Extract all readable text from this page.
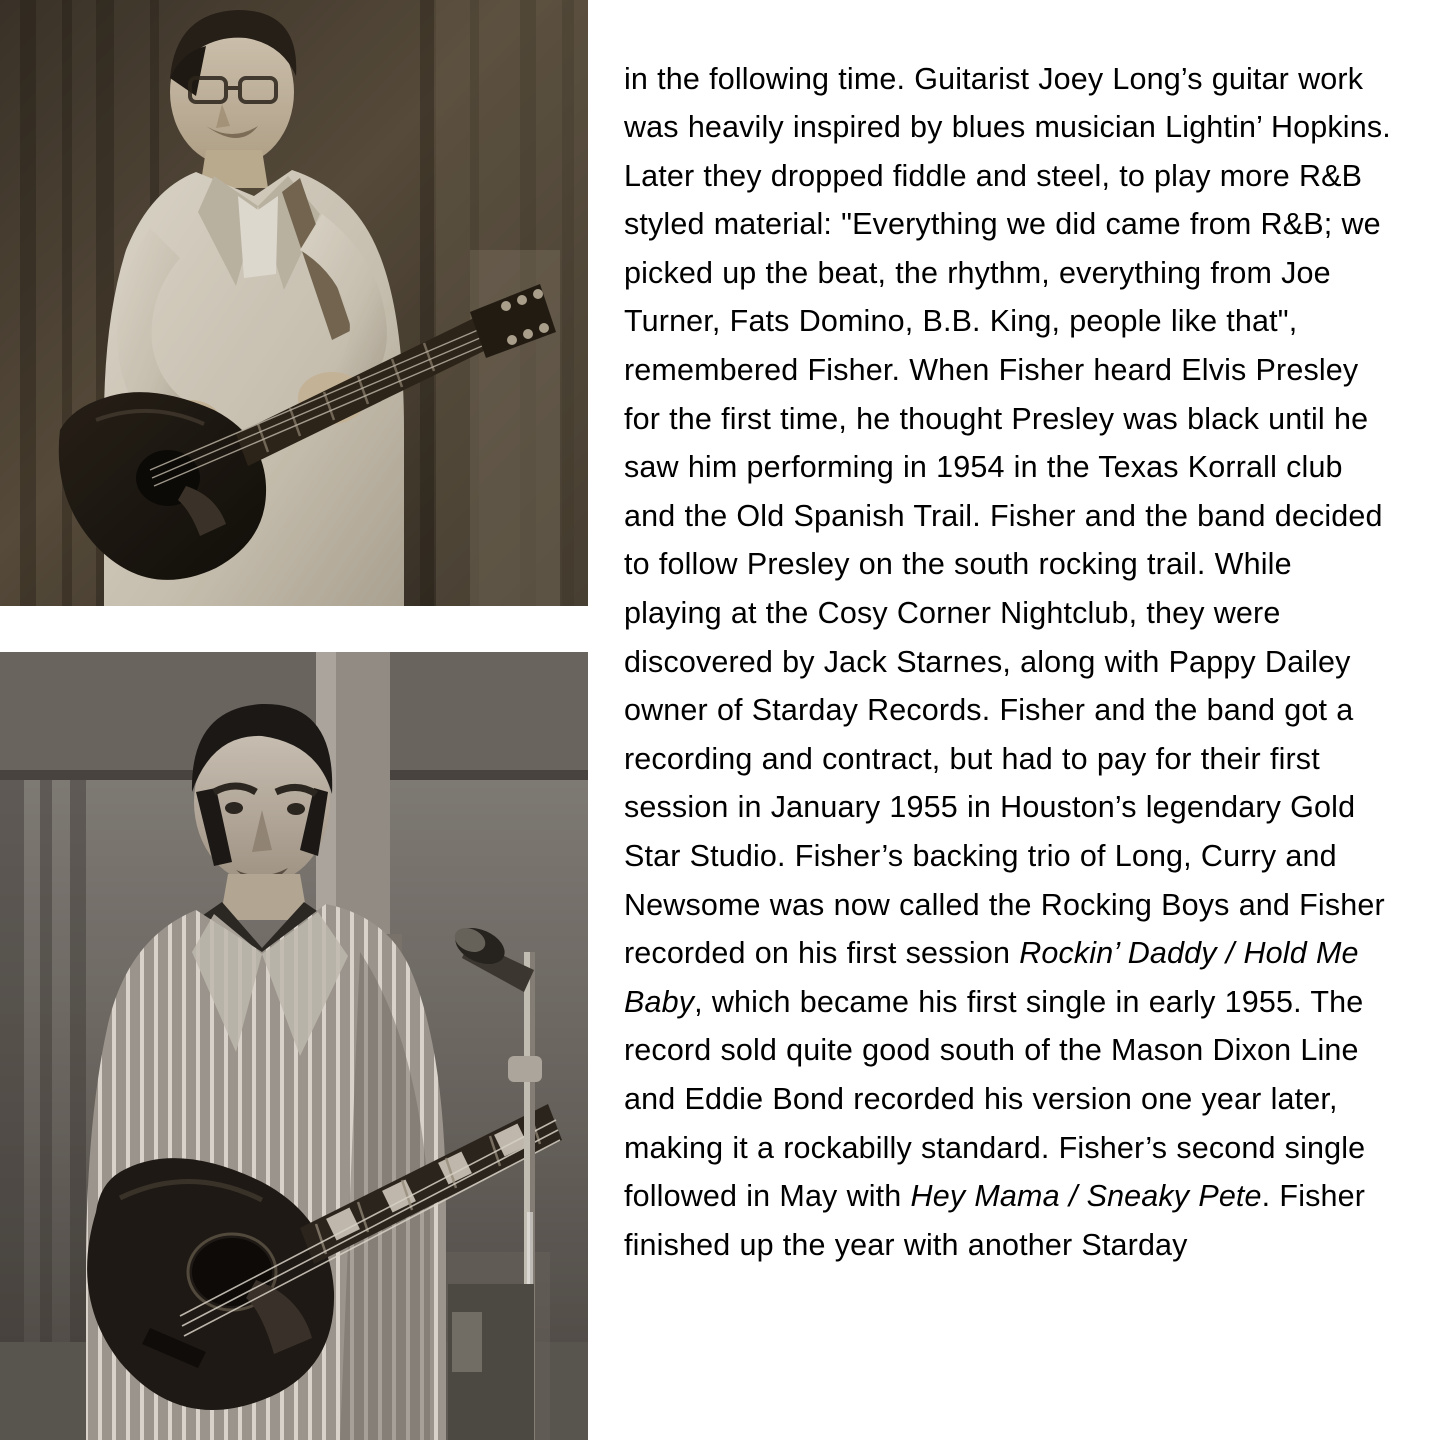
in the following time. Guitarist Joey Long’s guitar work was heavily inspired by blues musician Lightin’ Hopkins. Later they dropped fiddle and steel, to play more R&B styled material: "Everything we did came from R&B; we picked up the beat, the rhythm, everything from Joe Turner, Fats Domino, B.B. King, people like that", remembered Fisher. When Fisher heard Elvis Presley for the first time, he thought Presley was black until he saw him performing in 1954 in the Texas Korrall club and the Old Spanish Trail. Fisher and the band decided to follow Presley on the south rocking trail. While playing at the Cosy Corner Nightclub, they were discovered by Jack Starnes, along with Pappy Dailey owner of Starday Records. Fisher and the band got a recording and contract, but had to pay for their first session in January 1955 in Houston’s legendary Gold Star Studio. Fisher’s backing trio of Long, Curry and Newsome was now called the Rocking Boys and Fisher recorded on his first session Rockin’ Daddy / Hold Me Baby, which became his first single in early 1955. The record sold quite good south of the Mason Dixon Line and Eddie Bond recorded his version one year later, making it a rockabilly standard. Fisher’s second single followed in May with Hey Mama / Sneaky Pete. Fisher finished up the year with another Starday
